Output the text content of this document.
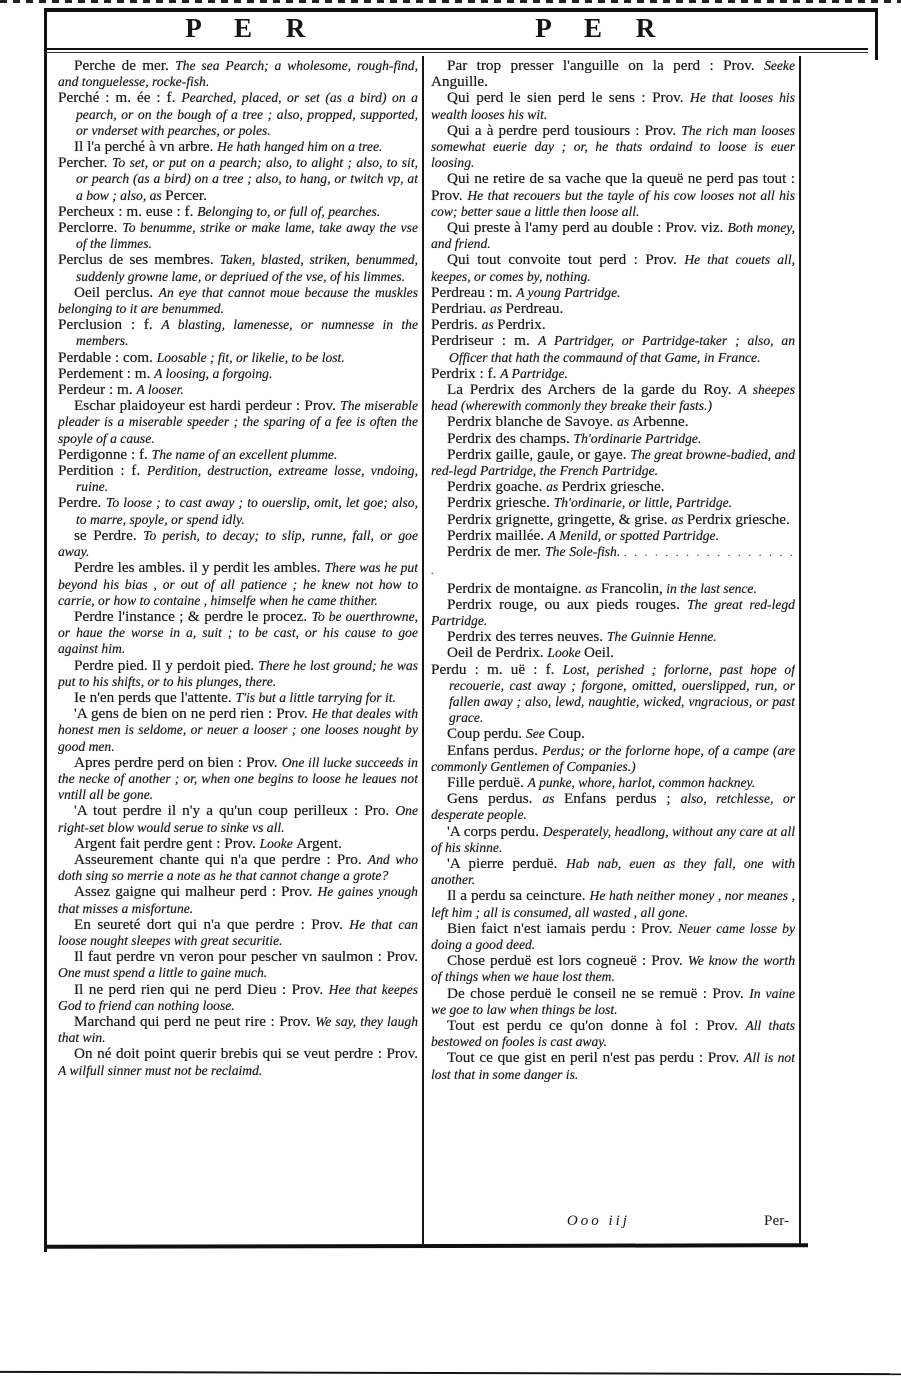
P E R	P E R

Perche de mer. The sea Pearch; a wholesome, rough-find, and tonguelesse, rocke-fish.

Perché : m. ée : f. Pearched, placed, or set (as a bird) on a pearch, or on the bough of a tree ; also, propped, supported, or vnderset with pearches, or poles.

Il l'a perché à vn arbre. He hath hanged him on a tree.

Percher. To set, or put on a pearch; also, to alight ; also, to sit, or pearch (as a bird) on a tree ; also, to hang, or twitch vp, at a bow ; also, as Percer.

Percheux : m. euse : f. Belonging to, or full of, pearches.

Perclorre. To benumme, strike or make lame, take away the vse of the limmes.

Perclus de ses membres. Taken, blasted, striken, benummed, suddenly growne lame, or depriued of the vse, of his limmes.

Oeil perclus. An eye that cannot moue because the muskles belonging to it are benummed.

Perclusion : f. A blasting, lamenesse, or numnesse in the members.

Perdable : com. Loosable ; fit, or likelie, to be lost.

Perdement : m. A loosing, a forgoing.

Perdeur : m. A looser.

Eschar plaidoyeur est hardi perdeur : Prov. The miserable pleader is a miserable speeder ; the sparing of a fee is often the spoyle of a cause.

Perdigonne : f. The name of an excellent plumme.

Perdition : f. Perdition, destruction, extreame losse, vndoing, ruine.

Perdre. To loose ; to cast away ; to ouerslip, omit, let goe; also, to marre, spoyle, or spend idly.

se Perdre. To perish, to decay; to slip, runne, fall, or goe away.

Perdre les ambles. il y perdit les ambles. There was he put beyond his bias , or out of all patience ; he knew not how to carrie, or how to containe , himselfe when he came thither.

Perdre l'instance ; & perdre le procez. To be ouerthrowne, or haue the worse in a, suit ; to be cast, or his cause to goe against him.

Perdre pied. Il y perdoit pied. There he lost ground; he was put to his shifts, or to his plunges, there.

Ie n'en perds que l'attente. T'is but a little tarrying for it.

'A gens de bien on ne perd rien : Prov. He that deales with honest men is seldome, or neuer a looser ; one looses nought by good men.

Apres perdre perd on bien : Prov. One ill lucke succeeds in the necke of another ; or, when one begins to loose he leaues not vntill all be gone.

'A tout perdre il n'y a qu'un coup perilleux : Pro. One right-set blow would serue to sinke vs all.

Argent fait perdre gent : Prov. Looke Argent.

Asseurement chante qui n'a que perdre : Pro. And who doth sing so merrie a note as he that cannot change a grote?

Assez gaigne qui malheur perd : Prov. He gaines ynough that misses a misfortune.

En seureté dort qui n'a que perdre : Prov. He that can loose nought sleepes with great securitie.

Il faut perdre vn veron pour pescher vn saulmon : Prov. One must spend a little to gaine much.

Il ne perd rien qui ne perd Dieu : Prov. Hee that keepes God to friend can nothing loose.

Marchand qui perd ne peut rire : Prov. We say, they laugh that win.

On né doit point querir brebis qui se veut perdre : Prov. A wilfull sinner must not be reclaimd.

Par trop presser l'anguille on la perd : Prov. Seeke Anguille.

Qui perd le sien perd le sens : Prov. He that looses his wealth looses his wit.

Qui a à perdre perd tousiours : Prov. The rich man looses somewhat euerie day ; or, he thats ordaind to loose is euer loosing.

Qui ne retire de sa vache que la queuë ne perd pas tout : Prov. He that recouers but the tayle of his cow looses not all his cow; better saue a little then loose all.

Qui preste à l'amy perd au double : Prov. viz. Both money, and friend.

Qui tout convoite tout perd : Prov. He that couets all, keepes, or comes by, nothing.

Perdreau : m. A young Partridge.

Perdriau. as Perdreau.

Perdris. as Perdrix.

Perdriseur : m. A Partridger, or Partridge-taker ; also, an Officer that hath the commaund of that Game, in France.

Perdrix : f. A Partridge.

La Perdrix des Archers de la garde du Roy. A sheepes head (wherewith commonly they breake their fasts.)

Perdrix blanche de Savoye. as Arbenne.

Perdrix des champs. Th'ordinarie Partridge.

Perdrix gaille, gaule, or gaye. The great browne-badied, and red-legd Partridge, the French Partridge.

Perdrix goache. as Perdrix griesche.

Perdrix griesche. Th'ordinarie, or little, Partridge.

Perdrix grignette, gringette, & grise. as Perdrix griesche.

Perdrix maillée. A Menild, or spotted Partridge.

Perdrix de mer. The Sole-fish. . . . . . . . . . . . . . . . . . .

Perdrix de montaigne. as Francolin, in the last sence.

Perdrix rouge, ou aux pieds rouges. The great red-legd Partridge.

Perdrix des terres neuves. The Guinnie Henne.

Oeil de Perdrix. Looke Oeil.

Perdu : m. uë : f. Lost, perished ; forlorne, past hope of recouerie, cast away ; forgone, omitted, ouerslipped, run, or fallen away ; also, lewd, naughtie, wicked, vngracious, or past grace.

Coup perdu. See Coup.

Enfans perdus. Perdus; or the forlorne hope, of a campe (are commonly Gentlemen of Companies.)

Fille perduë. A punke, whore, harlot, common hackney.

Gens perdus. as Enfans perdus ; also, retchlesse, or desperate people.

'A corps perdu. Desperately, headlong, without any care at all of his skinne.

'A pierre perduë. Hab nab, euen as they fall, one with another.

Il a perdu sa ceincture. He hath neither money , nor meanes , left him ; all is consumed, all wasted , all gone.

Bien faict n'est iamais perdu : Prov. Neuer came losse by doing a good deed.

Chose perduë est lors cogneuë : Prov. We know the worth of things when we haue lost them.

De chose perduë le conseil ne se remuë : Prov. In vaine we goe to law when things be lost.

Tout est perdu ce qu'on donne à fol : Prov. All thats bestowed on fooles is cast away.

Tout ce que gist en peril n'est pas perdu : Prov. All is not lost that in some danger is.

Ooo iij	Per-
